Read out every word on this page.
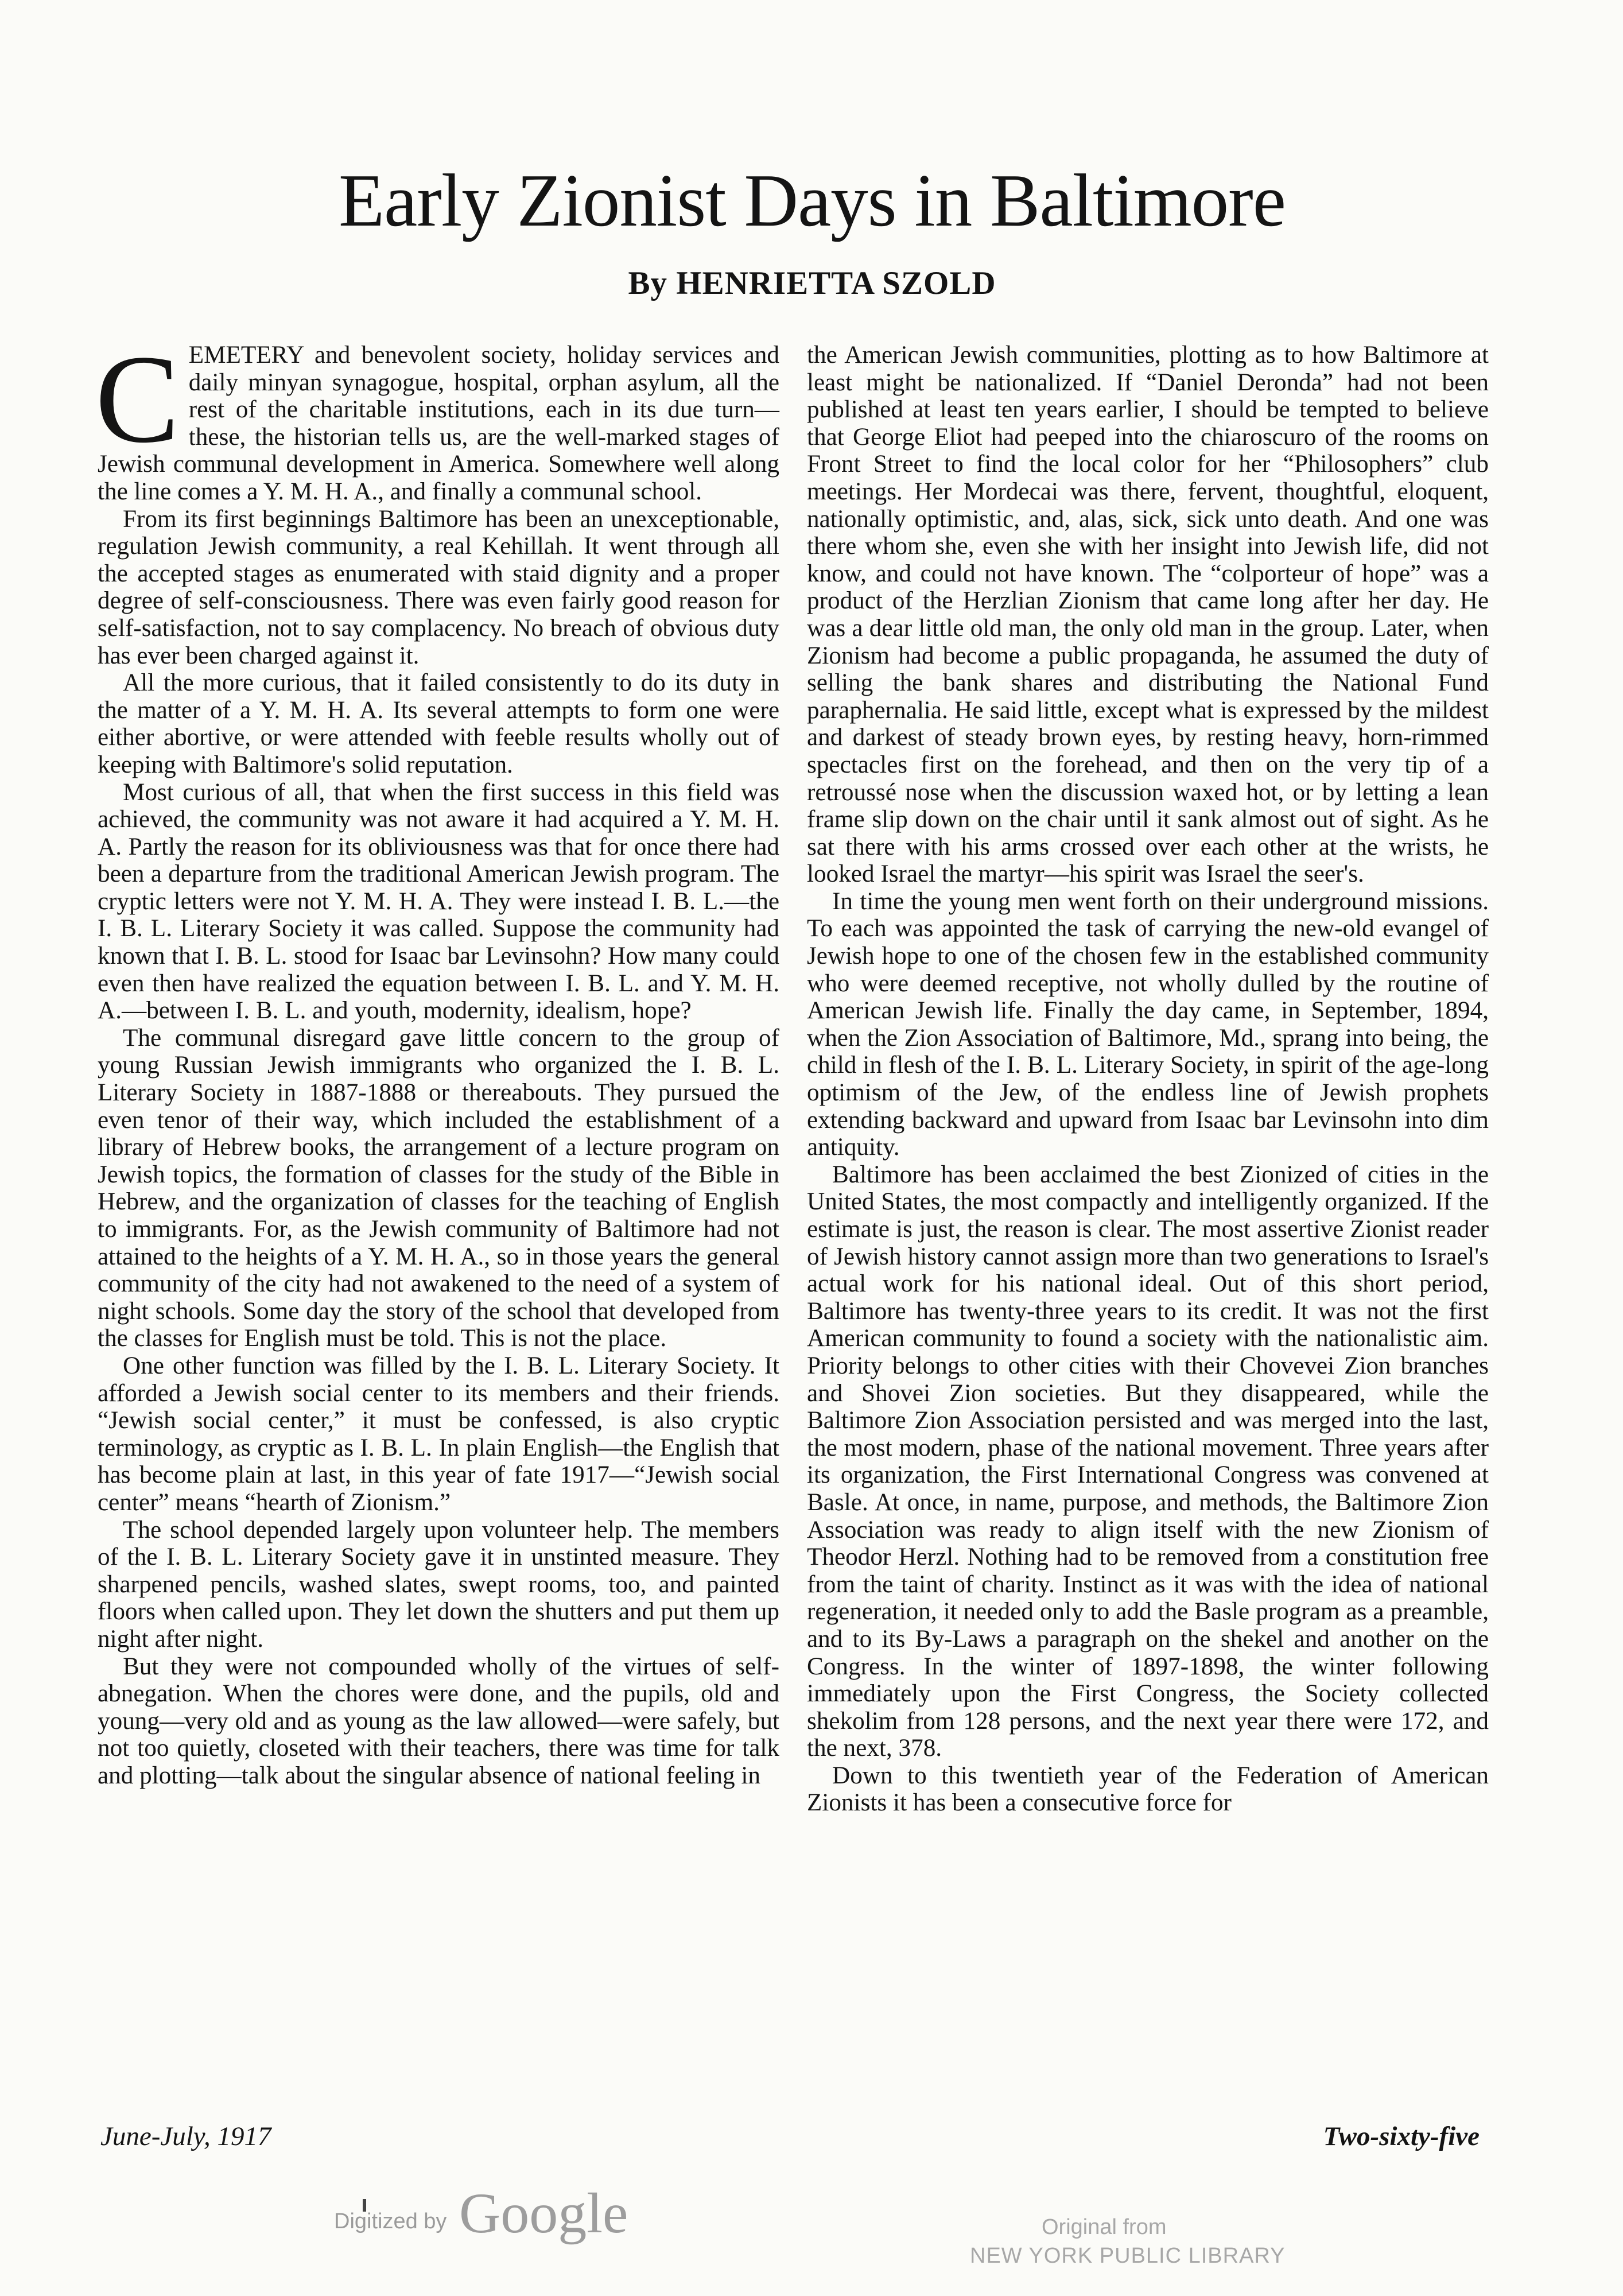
Early Zionist Days in Baltimore
By HENRIETTA SZOLD

CEMETERY and benevolent society, holiday services and daily minyan synagogue, hospital, orphan asylum, all the rest of the charitable institutions, each in its due turn—these, the historian tells us, are the well-marked stages of Jewish communal development in America. Somewhere well along the line comes a Y. M. H. A., and finally a communal school.

From its first beginnings Baltimore has been an unexceptionable, regulation Jewish community, a real Kehillah. It went through all the accepted stages as enumerated with staid dignity and a proper degree of self-consciousness. There was even fairly good reason for self-satisfaction, not to say complacency. No breach of obvious duty has ever been charged against it.

All the more curious, that it failed consistently to do its duty in the matter of a Y. M. H. A. Its several attempts to form one were either abortive, or were attended with feeble results wholly out of keeping with Baltimore's solid reputation.

Most curious of all, that when the first success in this field was achieved, the community was not aware it had acquired a Y. M. H. A. Partly the reason for its obliviousness was that for once there had been a departure from the traditional American Jewish program. The cryptic letters were not Y. M. H. A. They were instead I. B. L.—the I. B. L. Literary Society it was called. Suppose the community had known that I. B. L. stood for Isaac bar Levinsohn? How many could even then have realized the equation between I. B. L. and Y. M. H. A.—between I. B. L. and youth, modernity, idealism, hope?

The communal disregard gave little concern to the group of young Russian Jewish immigrants who organized the I. B. L. Literary Society in 1887-1888 or thereabouts. They pursued the even tenor of their way, which included the establishment of a library of Hebrew books, the arrangement of a lecture program on Jewish topics, the formation of classes for the study of the Bible in Hebrew, and the organization of classes for the teaching of English to immigrants. For, as the Jewish community of Baltimore had not attained to the heights of a Y. M. H. A., so in those years the general community of the city had not awakened to the need of a system of night schools. Some day the story of the school that developed from the classes for English must be told. This is not the place.

One other function was filled by the I. B. L. Literary Society. It afforded a Jewish social center to its members and their friends. “Jewish social center,” it must be confessed, is also cryptic terminology, as cryptic as I. B. L. In plain English—the English that has become plain at last, in this year of fate 1917—“Jewish social center” means “hearth of Zionism.”

The school depended largely upon volunteer help. The members of the I. B. L. Literary Society gave it in unstinted measure. They sharpened pencils, washed slates, swept rooms, too, and painted floors when called upon. They let down the shutters and put them up night after night.

But they were not compounded wholly of the virtues of self-abnegation. When the chores were done, and the pupils, old and young—very old and as young as the law allowed—were safely, but not too quietly, closeted with their teachers, there was time for talk and plotting—talk about the singular absence of national feeling in

the American Jewish communities, plotting as to how Baltimore at least might be nationalized. If “Daniel Deronda” had not been published at least ten years earlier, I should be tempted to believe that George Eliot had peeped into the chiaroscuro of the rooms on Front Street to find the local color for her “Philosophers” club meetings. Her Mordecai was there, fervent, thoughtful, eloquent, nationally optimistic, and, alas, sick, sick unto death. And one was there whom she, even she with her insight into Jewish life, did not know, and could not have known. The “colporteur of hope” was a product of the Herzlian Zionism that came long after her day. He was a dear little old man, the only old man in the group. Later, when Zionism had become a public propaganda, he assumed the duty of selling the bank shares and distributing the National Fund paraphernalia. He said little, except what is expressed by the mildest and darkest of steady brown eyes, by resting heavy, horn-rimmed spectacles first on the forehead, and then on the very tip of a retroussé nose when the discussion waxed hot, or by letting a lean frame slip down on the chair until it sank almost out of sight. As he sat there with his arms crossed over each other at the wrists, he looked Israel the martyr—his spirit was Israel the seer's.

In time the young men went forth on their underground missions. To each was appointed the task of carrying the new-old evangel of Jewish hope to one of the chosen few in the established community who were deemed receptive, not wholly dulled by the routine of American Jewish life. Finally the day came, in September, 1894, when the Zion Association of Baltimore, Md., sprang into being, the child in flesh of the I. B. L. Literary Society, in spirit of the age-long optimism of the Jew, of the endless line of Jewish prophets extending backward and upward from Isaac bar Levinsohn into dim antiquity.

Baltimore has been acclaimed the best Zionized of cities in the United States, the most compactly and intelligently organized. If the estimate is just, the reason is clear. The most assertive Zionist reader of Jewish history cannot assign more than two generations to Israel's actual work for his national ideal. Out of this short period, Baltimore has twenty-three years to its credit. It was not the first American community to found a society with the nationalistic aim. Priority belongs to other cities with their Chovevei Zion branches and Shovei Zion societies. But they disappeared, while the Baltimore Zion Association persisted and was merged into the last, the most modern, phase of the national movement. Three years after its organization, the First International Congress was convened at Basle. At once, in name, purpose, and methods, the Baltimore Zion Association was ready to align itself with the new Zionism of Theodor Herzl. Nothing had to be removed from a constitution free from the taint of charity. Instinct as it was with the idea of national regeneration, it needed only to add the Basle program as a preamble, and to its By-Laws a paragraph on the shekel and another on the Congress. In the winter of 1897-1898, the winter following immediately upon the First Congress, the Society collected shekolim from 128 persons, and the next year there were 172, and the next, 378.

Down to this twentieth year of the Federation of American Zionists it has been a consecutive force for

June-July, 1917	Two-sixty-five
Digitized by Google	Original from
NEW YORK PUBLIC LIBRARY
